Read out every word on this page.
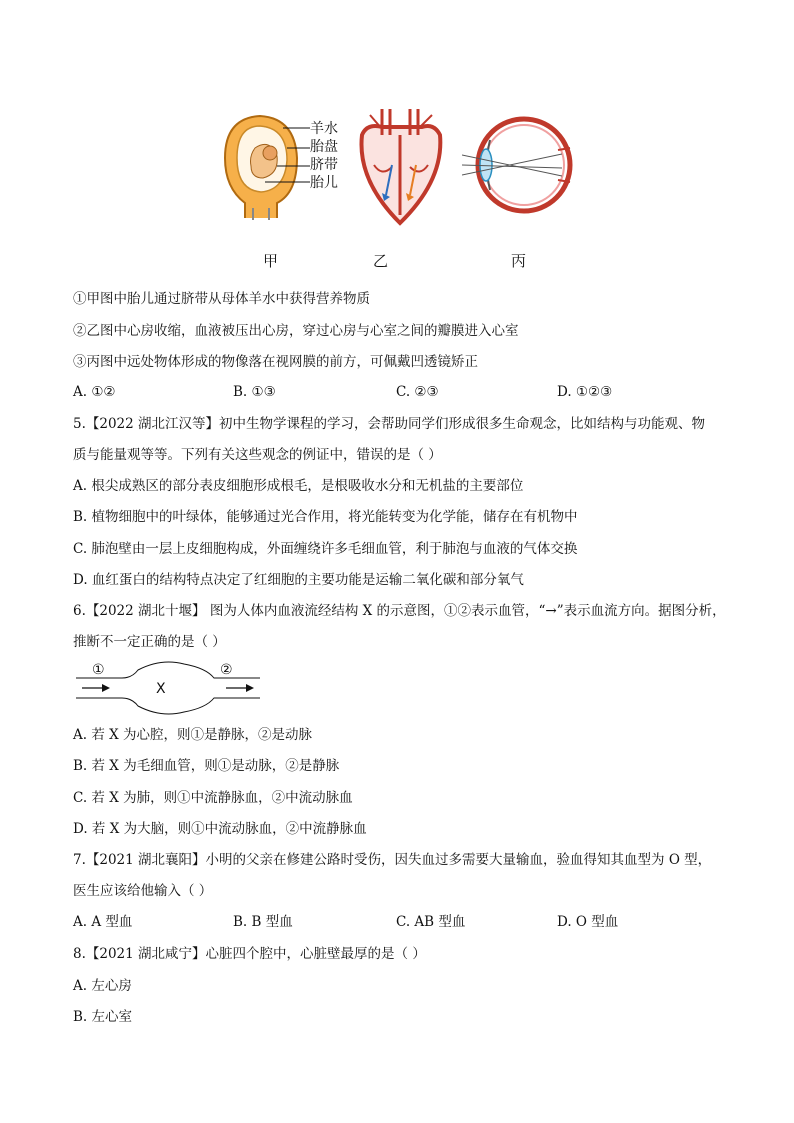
羊水
胎盘
脐带
胎儿
甲	乙	丙
①甲图中胎儿通过脐带从母体羊水中获得营养物质
②乙图中心房收缩，血液被压出心房，穿过心房与心室之间的瓣膜进入心室
③丙图中远处物体形成的物像落在视网膜的前方，可佩戴凹透镜矫正
A. ①②	B. ①③	C. ②③	D. ①②③
5.【2022 湖北江汉等】初中生物学课程的学习，会帮助同学们形成很多生命观念，比如结构与功能观、物
质与能量观等等。下列有关这些观念的例证中，错误的是（ ）
A. 根尖成熟区的部分表皮细胞形成根毛，是根吸收水分和无机盐的主要部位
B. 植物细胞中的叶绿体，能够通过光合作用，将光能转变为化学能，储存在有机物中
C. 肺泡壁由一层上皮细胞构成，外面缠绕许多毛细血管，利于肺泡与血液的气体交换
D. 血红蛋白的结构特点决定了红细胞的主要功能是运输二氧化碳和部分氧气
6.【2022 湖北十堰】 图为人体内血液流经结构 X 的示意图，①②表示血管，“→”表示血流方向。据图分析，
推断不一定正确的是（ ）
①	②
X
A. 若 X 为心腔，则①是静脉，②是动脉
B. 若 X 为毛细血管，则①是动脉，②是静脉
C. 若 X 为肺，则①中流静脉血，②中流动脉血
D. 若 X 为大脑，则①中流动脉血，②中流静脉血
7.【2021 湖北襄阳】小明的父亲在修建公路时受伤，因失血过多需要大量输血，验血得知其血型为 O 型，
医生应该给他输入（ ）
A. A 型血	B. B 型血	C. AB 型血	D. O 型血
8.【2021 湖北咸宁】心脏四个腔中，心脏壁最厚的是（ ）
A. 左心房
B. 左心室
